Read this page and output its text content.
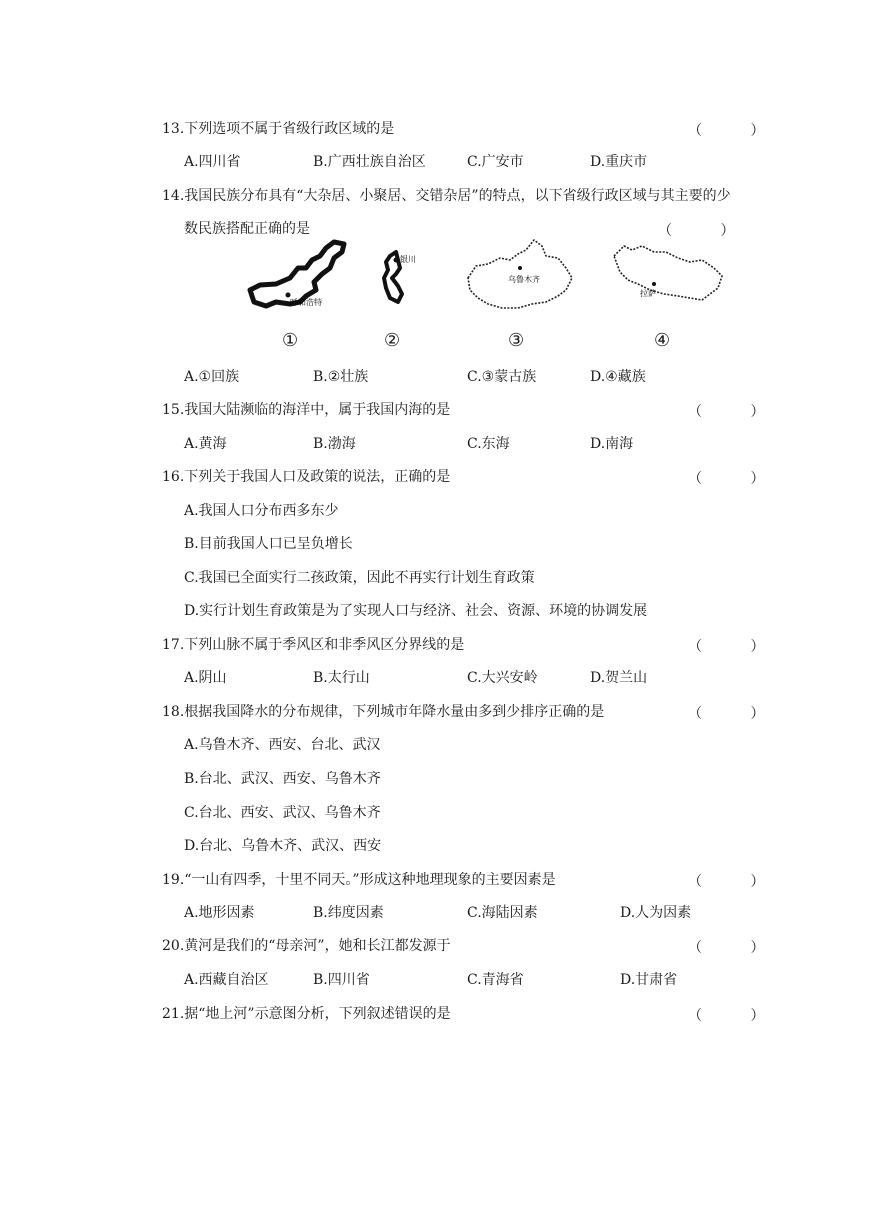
13.下列选项不属于省级行政区域的是	（ ）
A.四川省	B.广西壮族自治区	C.广安市	D.重庆市
14.我国民族分布具有“大杂居、小聚居、交错杂居”的特点，以下省级行政区域与其主要的少
数民族搭配正确的是	（ ）
呼和浩特
①
银川
②
乌鲁木齐
③
拉萨
④
A.①回族	B.②壮族	C.③蒙古族	D.④藏族
15.我国大陆濒临的海洋中，属于我国内海的是	（ ）
A.黄海	B.渤海	C.东海	D.南海
16.下列关于我国人口及政策的说法，正确的是	（ ）
A.我国人口分布西多东少
B.目前我国人口已呈负增长
C.我国已全面实行二孩政策，因此不再实行计划生育政策
D.实行计划生育政策是为了实现人口与经济、社会、资源、环境的协调发展
17.下列山脉不属于季风区和非季风区分界线的是	（ ）
A.阴山	B.太行山	C.大兴安岭	D.贺兰山
18.根据我国降水的分布规律，下列城市年降水量由多到少排序正确的是	（ ）
A.乌鲁木齐、西安、台北、武汉
B.台北、武汉、西安、乌鲁木齐
C.台北、西安、武汉、乌鲁木齐
D.台北、乌鲁木齐、武汉、西安
19.“一山有四季，十里不同天。”形成这种地理现象的主要因素是	（ ）
A.地形因素	B.纬度因素	C.海陆因素	D.人为因素
20.黄河是我们的“母亲河”，她和长江都发源于	（ ）
A.西藏自治区	B.四川省	C.青海省	D.甘肃省
21.据“地上河”示意图分析，下列叙述错误的是	（ ）
